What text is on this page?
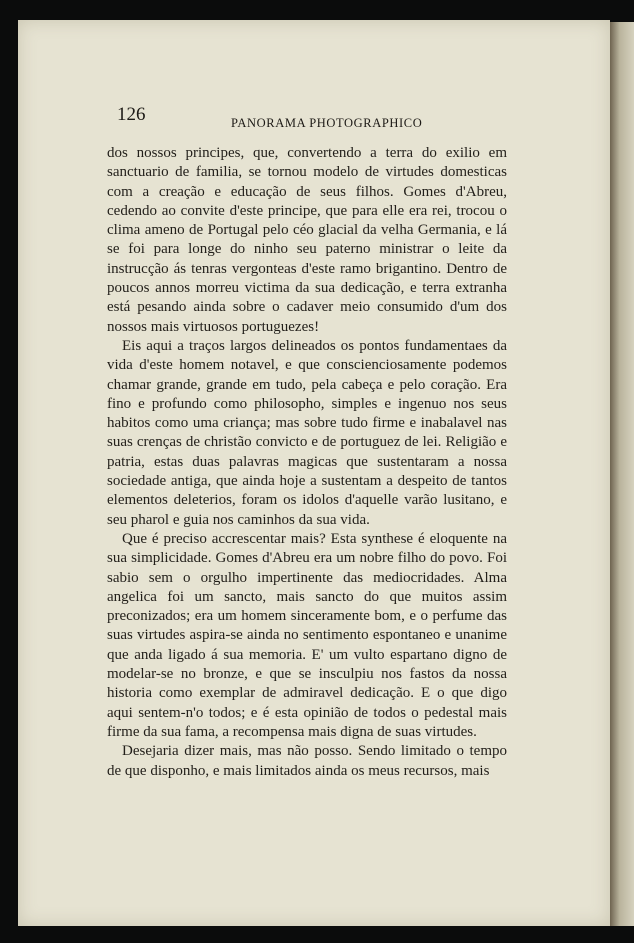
126	PANORAMA PHOTOGRAPHICO

dos nossos principes, que, convertendo a terra do exilio em sanctuario de familia, se tornou modelo de virtudes domesticas com a creação e educação de seus filhos. Gomes d'Abreu, cedendo ao convite d'este principe, que para elle era rei, trocou o clima ameno de Portugal pelo céo glacial da velha Germania, e lá se foi para longe do ninho seu paterno ministrar o leite da instrucção ás tenras vergonteas d'este ramo brigantino. Dentro de poucos annos morreu victima da sua dedicação, e terra extranha está pesando ainda sobre o cadaver meio consumido d'um dos nossos mais virtuosos portuguezes!

Eis aqui a traços largos delineados os pontos fundamentaes da vida d'este homem notavel, e que conscienciosamente podemos chamar grande, grande em tudo, pela cabeça e pelo coração. Era fino e profundo como philosopho, simples e ingenuo nos seus habitos como uma criança; mas sobre tudo firme e inabalavel nas suas crenças de christão convicto e de portuguez de lei. Religião e patria, estas duas palavras magicas que sustentaram a nossa sociedade antiga, que ainda hoje a sustentam a despeito de tantos elementos deleterios, foram os idolos d'aquelle varão lusitano, e seu pharol e guia nos caminhos da sua vida.

Que é preciso accrescentar mais? Esta synthese é eloquente na sua simplicidade. Gomes d'Abreu era um nobre filho do povo. Foi sabio sem o orgulho impertinente das mediocridades. Alma angelica foi um sancto, mais sancto do que muitos assim preconizados; era um homem sinceramente bom, e o perfume das suas virtudes aspira-se ainda no sentimento espontaneo e unanime que anda ligado á sua memoria. E' um vulto espartano digno de modelar-se no bronze, e que se insculpiu nos fastos da nossa historia como exemplar de admiravel dedicação. E o que digo aqui sentem-n'o todos; e é esta opinião de todos o pedestal mais firme da sua fama, a recompensa mais digna de suas virtudes.

Desejaria dizer mais, mas não posso. Sendo limitado o tempo de que disponho, e mais limitados ainda os meus recursos, mais
